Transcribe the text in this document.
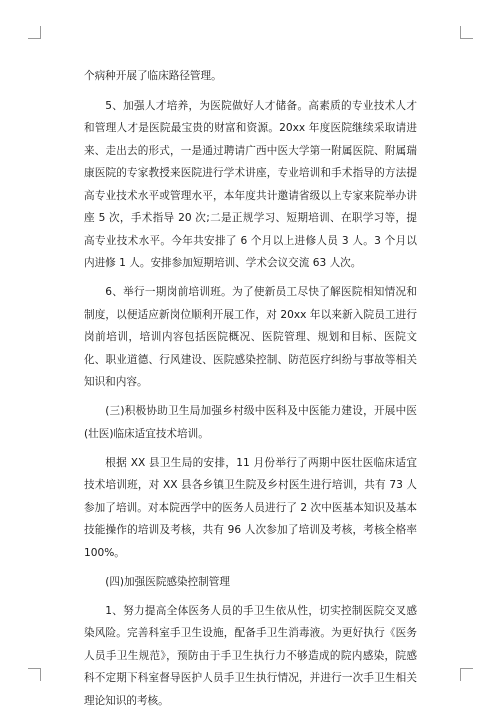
个病种开展了临床路径管理。

5、加强人才培养，为医院做好人才储备。高素质的专业技术人才和管理人才是医院最宝贵的财富和资源。20xx 年度医院继续采取请进来、走出去的形式，一是通过聘请广西中医大学第一附属医院、附属瑞康医院的专家教授来医院进行学术讲座，专业培训和手术指导的方法提高专业技术水平或管理水平，本年度共计邀请省级以上专家来院举办讲座 5 次，手术指导 20 次;二是正规学习、短期培训、在职学习等，提高专业技术水平。今年共安排了 6 个月以上进修人员 3 人。3 个月以内进修 1 人。安排参加短期培训、学术会议交流 63 人次。

6、举行一期岗前培训班。为了使新员工尽快了解医院相知情况和制度，以便适应新岗位顺利开展工作，对 20xx 年以来新入院员工进行岗前培训，培训内容包括医院概况、医院管理、规划和目标、医院文化、职业道德、行风建设、医院感染控制、防范医疗纠纷与事故等相关知识和内容。

(三)积极协助卫生局加强乡村级中医科及中医能力建设，开展中医(壮医)临床适宜技术培训。

根据 XX 县卫生局的安排，11 月份举行了两期中医壮医临床适宜技术培训班，对 XX 县各乡镇卫生院及乡村医生进行培训，共有 73 人参加了培训。对本院西学中的医务人员进行了 2 次中医基本知识及基本技能操作的培训及考核，共有 96 人次参加了培训及考核，考核全格率 100%。

(四)加强医院感染控制管理

1、努力提高全体医务人员的手卫生依从性，切实控制医院交叉感染风险。完善科室手卫生设施，配备手卫生消毒液。为更好执行《医务人员手卫生规范》，预防由于手卫生执行力不够造成的院内感染，院感科不定期下科室督导医护人员手卫生执行情况，并进行一次手卫生相关理论知识的考核。
